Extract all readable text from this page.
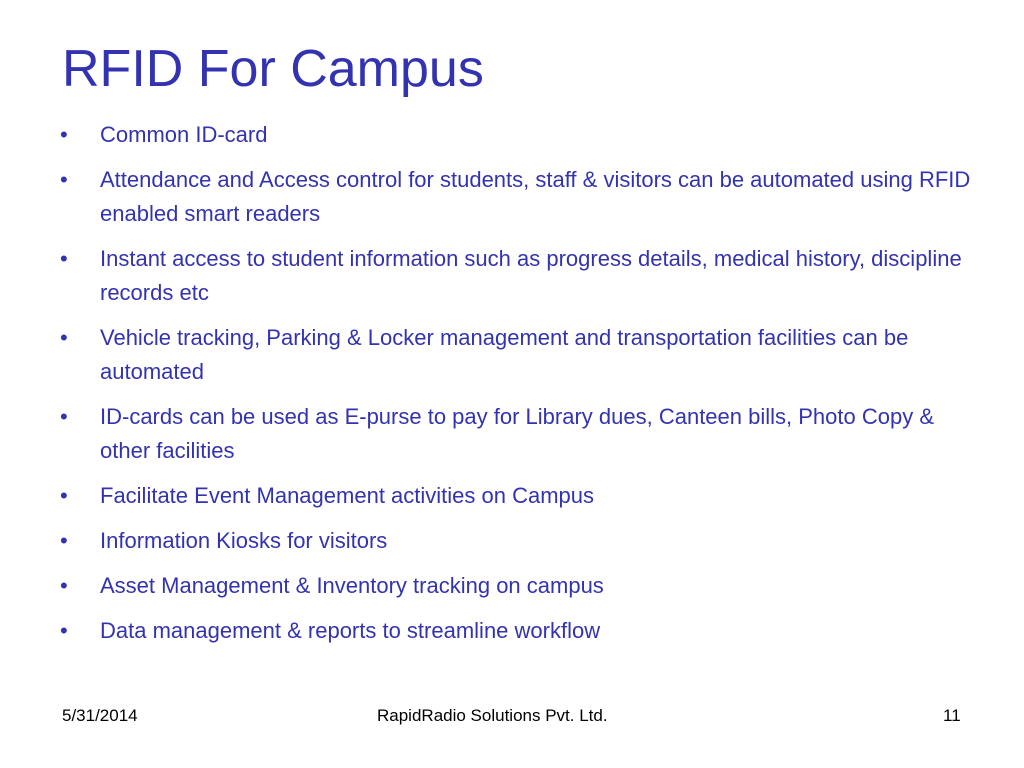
RFID For Campus
• Common ID-card
• Attendance and Access control for students, staff & visitors can be automated using RFID enabled smart readers
• Instant access to student information such as progress details, medical history, discipline records etc
• Vehicle tracking, Parking & Locker management and transportation facilities can be automated
• ID-cards can be used as E-purse to pay for Library dues, Canteen bills, Photo Copy & other facilities
• Facilitate Event Management activities on Campus
• Information Kiosks for visitors
• Asset Management & Inventory tracking on campus
• Data management & reports to streamline workflow
5/31/2014	RapidRadio Solutions Pvt. Ltd.	11
